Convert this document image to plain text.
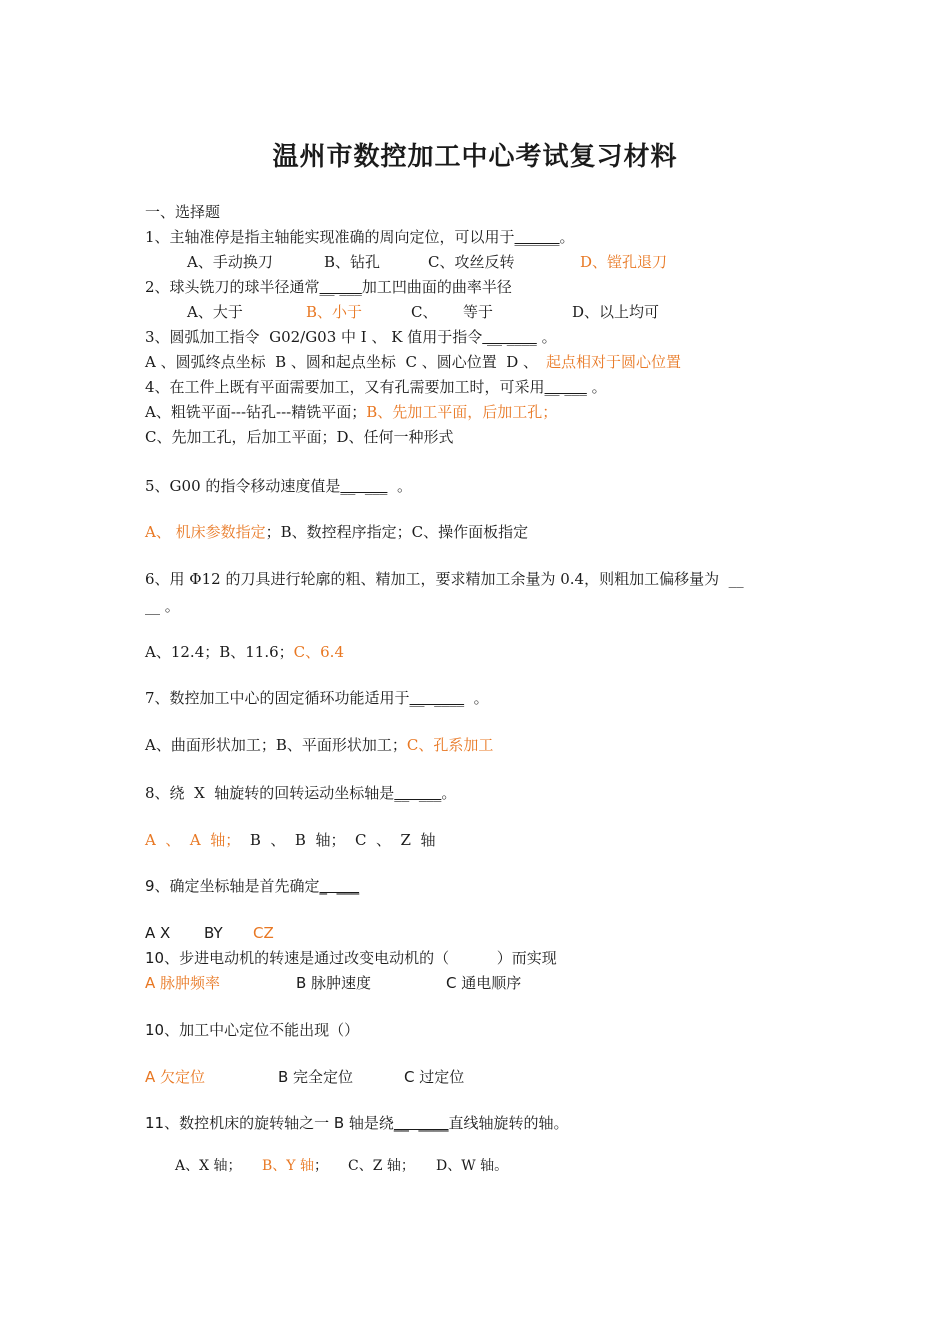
温州市数控加工中心考试复习材料
一、选择题
1、主轴准停是指主轴能实现准确的周向定位，可以用于______。
A、手动换刀	B、钻孔	C、攻丝反转	D、镗孔退刀
2、球头铣刀的球半径通常__ ___加工凹曲面的曲率半径
A、大于	B、小于	C、 等于	D、以上均可
3、圆弧加工指令  G02/G03 中 I 、 K 值用于指令 __ ____ 。
A 、圆弧终点坐标  B 、圆和起点坐标  C 、圆心位置  D 、 起点相对于圆心位置
4、在工件上既有平面需要加工，又有孔需要加工时，可采用__ ___ 。
A、粗铣平面---钻孔---精铣平面；B、先加工平面，后加工孔；
C、先加工孔，后加工平面；D、任何一种形式
5、G00 的指令移动速度值是__  ___  。
A、 机床参数指定；B、数控程序指定；C、操作面板指定
6、用 Φ12 的刀具进行轮廓的粗、精加工，要求精加工余量为 0.4，则粗加工偏移量为  __
__ 。
A、12.4；B、11.6；C、6.4
7、数控加工中心的固定循环功能适用于__  ____  。
A、曲面形状加工；B、平面形状加工；C、孔系加工
8、绕  X  轴旋转的回转运动坐标轴是__  ___。
A  、  A  轴；  B  、  B  轴；  C  、  Z  轴
9、确定坐标轴是首先确定_  ___
A X BY CZ
10、步进电动机的转速是通过改变电动机的（          ）而实现
A 脉肿频率	B 脉肿速度	C 通电顺序
10、加工中心定位不能出现（）
A 欠定位	B 完全定位	C 过定位
11、数控机床的旋转轴之一 B 轴是绕__  ____直线轴旋转的轴。
A、X 轴； B、Y 轴； C、Z 轴； D、W 轴。
